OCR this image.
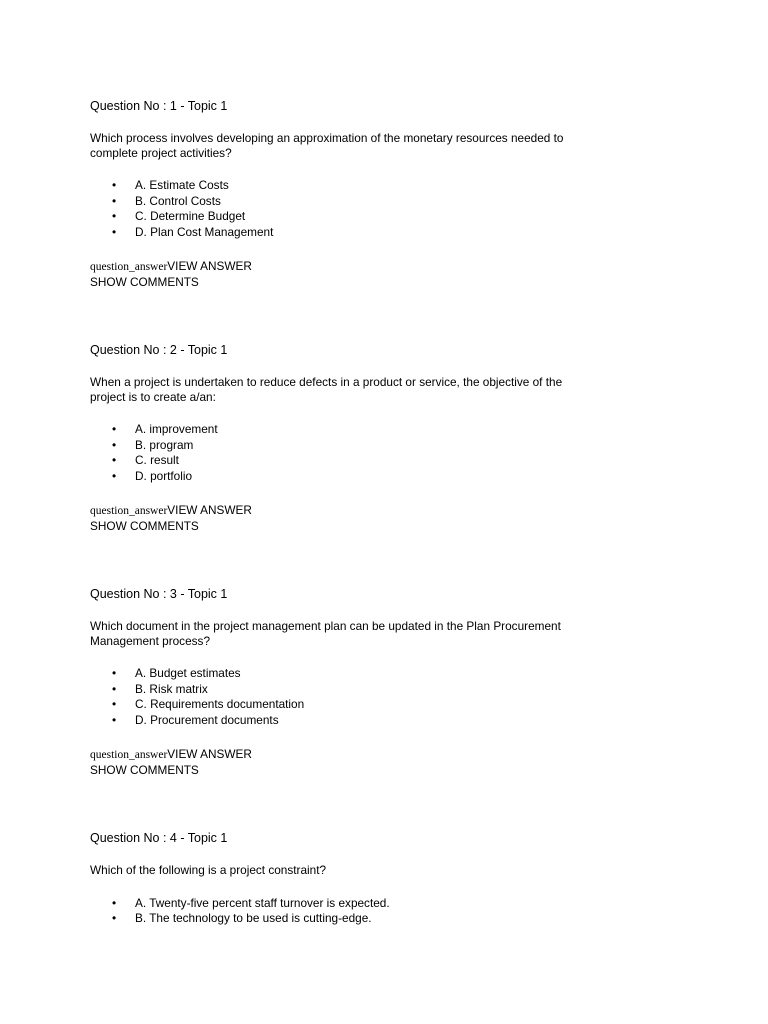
Question No : 1 - Topic 1
Which process involves developing an approximation of the monetary resources needed to complete project activities?
• A. Estimate Costs
• B. Control Costs
• C. Determine Budget
• D. Plan Cost Management
question_answerVIEW ANSWER
SHOW COMMENTS
Question No : 2 - Topic 1
When a project is undertaken to reduce defects in a product or service, the objective of the project is to create a/an:
• A. improvement
• B. program
• C. result
• D. portfolio
question_answerVIEW ANSWER
SHOW COMMENTS
Question No : 3 - Topic 1
Which document in the project management plan can be updated in the Plan Procurement Management process?
• A. Budget estimates
• B. Risk matrix
• C. Requirements documentation
• D. Procurement documents
question_answerVIEW ANSWER
SHOW COMMENTS
Question No : 4 - Topic 1
Which of the following is a project constraint?
• A. Twenty-five percent staff turnover is expected.
• B. The technology to be used is cutting-edge.
